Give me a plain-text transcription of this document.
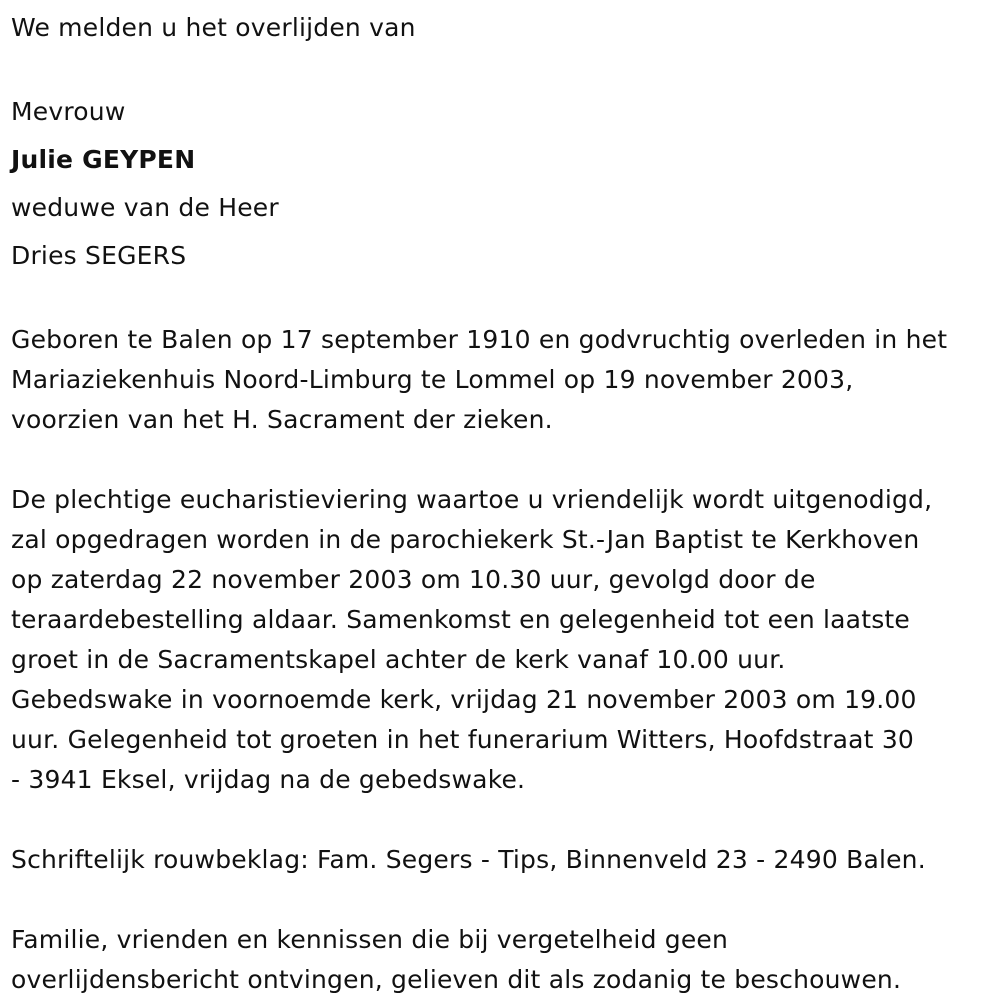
We melden u het overlijden van
Mevrouw
Julie GEYPEN
weduwe van de Heer
Dries SEGERS
Geboren te Balen op 17 september 1910 en godvruchtig overleden in het
Mariaziekenhuis Noord-Limburg te Lommel op 19 november 2003,
voorzien van het H. Sacrament der zieken.
De plechtige eucharistieviering waartoe u vriendelijk wordt uitgenodigd,
zal opgedragen worden in de parochiekerk St.-Jan Baptist te Kerkhoven
op zaterdag 22 november 2003 om 10.30 uur, gevolgd door de
teraardebestelling aldaar. Samenkomst en gelegenheid tot een laatste
groet in de Sacramentskapel achter de kerk vanaf 10.00 uur.
Gebedswake in voornoemde kerk, vrijdag 21 november 2003 om 19.00
uur. Gelegenheid tot groeten in het funerarium Witters, Hoofdstraat 30
- 3941 Eksel, vrijdag na de gebedswake.
Schriftelijk rouwbeklag: Fam. Segers - Tips, Binnenveld 23 - 2490 Balen.
Familie, vrienden en kennissen die bij vergetelheid geen
overlijdensbericht ontvingen, gelieven dit als zodanig te beschouwen.
